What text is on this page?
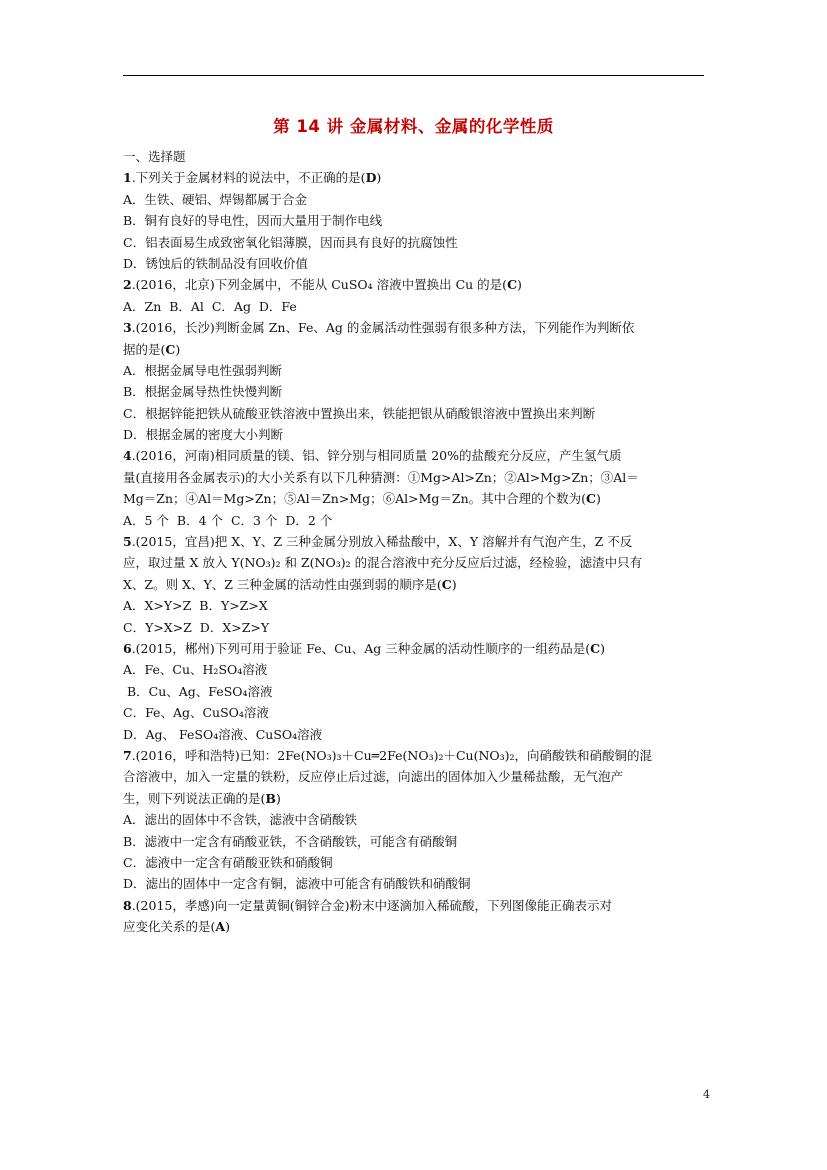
第 14 讲 金属材料、金属的化学性质
一、选择题
1.下列关于金属材料的说法中，不正确的是(D)
A．生铁、硬铝、焊锡都属于合金
B．铜有良好的导电性，因而大量用于制作电线
C．铝表面易生成致密氧化铝薄膜，因而具有良好的抗腐蚀性
D．锈蚀后的铁制品没有回收价值
2.(2016，北京)下列金属中，不能从 CuSO₄ 溶液中置换出 Cu 的是(C)
A．Zn  B．Al  C．Ag  D．Fe
3.(2016，长沙)判断金属 Zn、Fe、Ag 的金属活动性强弱有很多种方法，下列能作为判断依
据的是(C)
A．根据金属导电性强弱判断
B．根据金属导热性快慢判断
C．根据锌能把铁从硫酸亚铁溶液中置换出来，铁能把银从硝酸银溶液中置换出来判断
D．根据金属的密度大小判断
4.(2016，河南)相同质量的镁、铝、锌分别与相同质量 20%的盐酸充分反应，产生氢气质
量(直接用各金属表示)的大小关系有以下几种猜测：①Mg>Al>Zn；②Al>Mg>Zn；③Al＝
Mg＝Zn；④Al＝Mg>Zn；⑤Al＝Zn>Mg；⑥Al>Mg＝Zn。其中合理的个数为(C)
A．5 个  B．4 个  C．3 个  D．2 个
5.(2015，宜昌)把 X、Y、Z 三种金属分别放入稀盐酸中，X、Y 溶解并有气泡产生，Z 不反
应，取过量 X 放入 Y(NO₃)₂ 和 Z(NO₃)₂ 的混合溶液中充分反应后过滤，经检验，滤渣中只有
X、Z。则 X、Y、Z 三种金属的活动性由强到弱的顺序是(C)
A．X>Y>Z  B．Y>Z>X
C．Y>X>Z  D．X>Z>Y
6.(2015，郴州)下列可用于验证 Fe、Cu、Ag 三种金属的活动性顺序的一组药品是(C)
A．Fe、Cu、H₂SO₄溶液
B．Cu、Ag、FeSO₄溶液
C．Fe、Ag、CuSO₄溶液
D．Ag、 FeSO₄溶液、CuSO₄溶液
7.(2016，呼和浩特)已知：2Fe(NO₃)₃＋Cu═2Fe(NO₃)₂＋Cu(NO₃)₂，向硝酸铁和硝酸铜的混
合溶液中，加入一定量的铁粉，反应停止后过滤，向滤出的固体加入少量稀盐酸，无气泡产
生，则下列说法正确的是(B)
A．滤出的固体中不含铁，滤液中含硝酸铁
B．滤液中一定含有硝酸亚铁，不含硝酸铁，可能含有硝酸铜
C．滤液中一定含有硝酸亚铁和硝酸铜
D．滤出的固体中一定含有铜，滤液中可能含有硝酸铁和硝酸铜
8.(2015，孝感)向一定量黄铜(铜锌合金)粉末中逐滴加入稀硫酸，下列图像能正确表示对
应变化关系的是(A)
4
